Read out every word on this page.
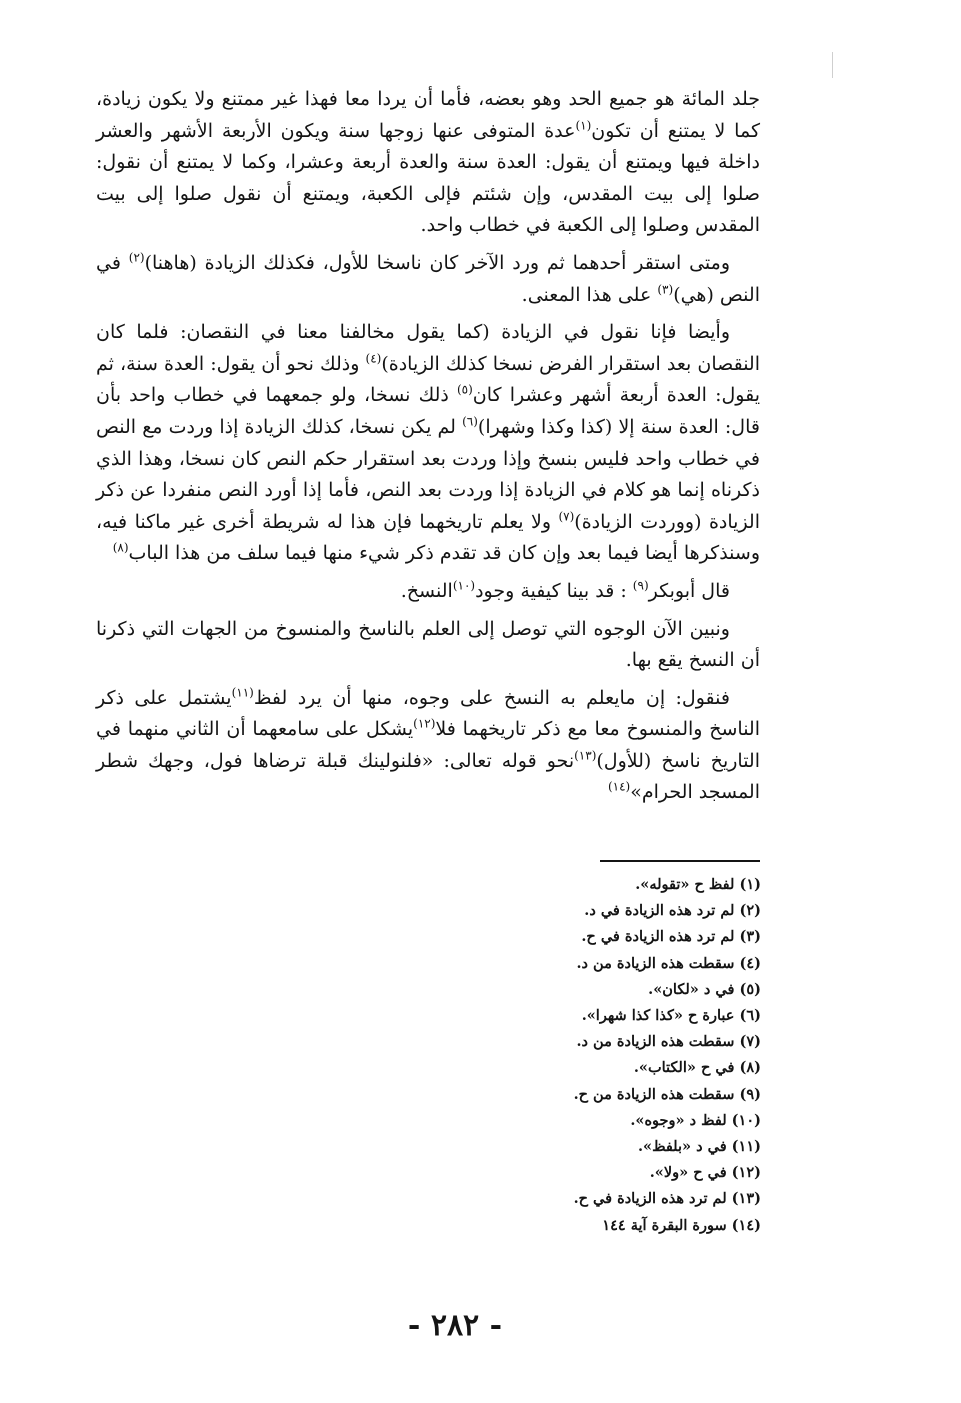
جلد المائة هو جميع الحد وهو بعضه، فأما أن يردا معا فهذا غير ممتنع ولا يكون زيادة، كما لا يمتنع أن تكون$^{(١)}$عدة المتوفى عنها زوجها سنة ويكون الأربعة الأشهر والعشر داخلة فيها ويمتنع أن يقول: العدة سنة والعدة أربعة وعشرا، وكما لا يمتنع أن نقول: صلوا إلى بيت المقدس، وإن شئتم فإلى الكعبة، ويمتنع أن نقول صلوا إلى بيت المقدس وصلوا إلى الكعبة في خطاب واحد.

ومتى استقر أحدهما ثم ورد الآخر كان ناسخا للأول، فكذلك الزيادة (هاهنا)$^{(٢)}$ في النص (هي)$^{(٣)}$ على هذا المعنى.

وأيضا فإنا نقول في الزيادة (كما يقول مخالفنا معنا في النقصان: فلما كان النقصان بعد استقرار الفرض نسخا كذلك الزيادة)$^{(٤)}$ وذلك نحو أن يقول: العدة سنة، ثم يقول: العدة أربعة أشهر وعشرا كان$^{(٥)}$ ذلك نسخا، ولو جمعهما في خطاب واحد بأن قال: العدة سنة إلا (كذا وكذا وشهرا)$^{(٦)}$ لم يكن نسخا، كذلك الزيادة إذا وردت مع النص في خطاب واحد فليس بنسخ وإذا وردت بعد استقرار حكم النص كان نسخا، وهذا الذي ذكرناه إنما هو كلام في الزيادة إذا وردت بعد النص، فأما إذا أورد النص منفردا عن ذكر الزيادة (ووردت الزيادة)$^{(٧)}$ ولا يعلم تاريخهما فإن هذا له شريطة أخرى غير ماكنا فيه، وسنذكرها أيضا فيما بعد وإن كان قد تقدم ذكر شيء منها فيما سلف من هذا الباب$^{(٨)}$

قال أبوبكر$^{(٩)}$ : قد بينا كيفية وجود$^{(١٠)}$النسخ.

ونبين الآن الوجوه التي توصل إلى العلم بالناسخ والمنسوخ من الجهات التي ذكرنا أن النسخ يقع بها.

فنقول: إن مايعلم به النسخ على وجوه، منها أن يرد لفظ$^{(١١)}$يشتمل على ذكر الناسخ والمنسوخ معا مع ذكر تاريخهما فلا$^{(١٢)}$يشكل على سامعهما أن الثاني منهما في التاريخ ناسخ (للأول)$^{(١٣)}$نحو قوله تعالى: «فلنولينك قبلة ترضاها فول، وجهك شطر المسجد الحرام»$^{(١٤)}$

(١) لفظ ح «تقوله».
(٢) لم ترد هذه الزيادة في د.
(٣) لم ترد هذه الزيادة في ح.
(٤) سقطت هذه الزيادة من د.
(٥) في د «لكان».
(٦) عبارة ح «كذا كذا شهرا».
(٧) سقطت هذه الزيادة من د.
(٨) في ح «الكتاب».
(٩) سقطت هذه الزيادة من ح.
(١٠) لفظ د «وجوه».
(١١) في د «بلفظ».
(١٢) في ح «ولا».
(١٣) لم ترد هذه الزيادة في ح.
(١٤) سورة البقرة آية ١٤٤
- ٢٨٢ -
